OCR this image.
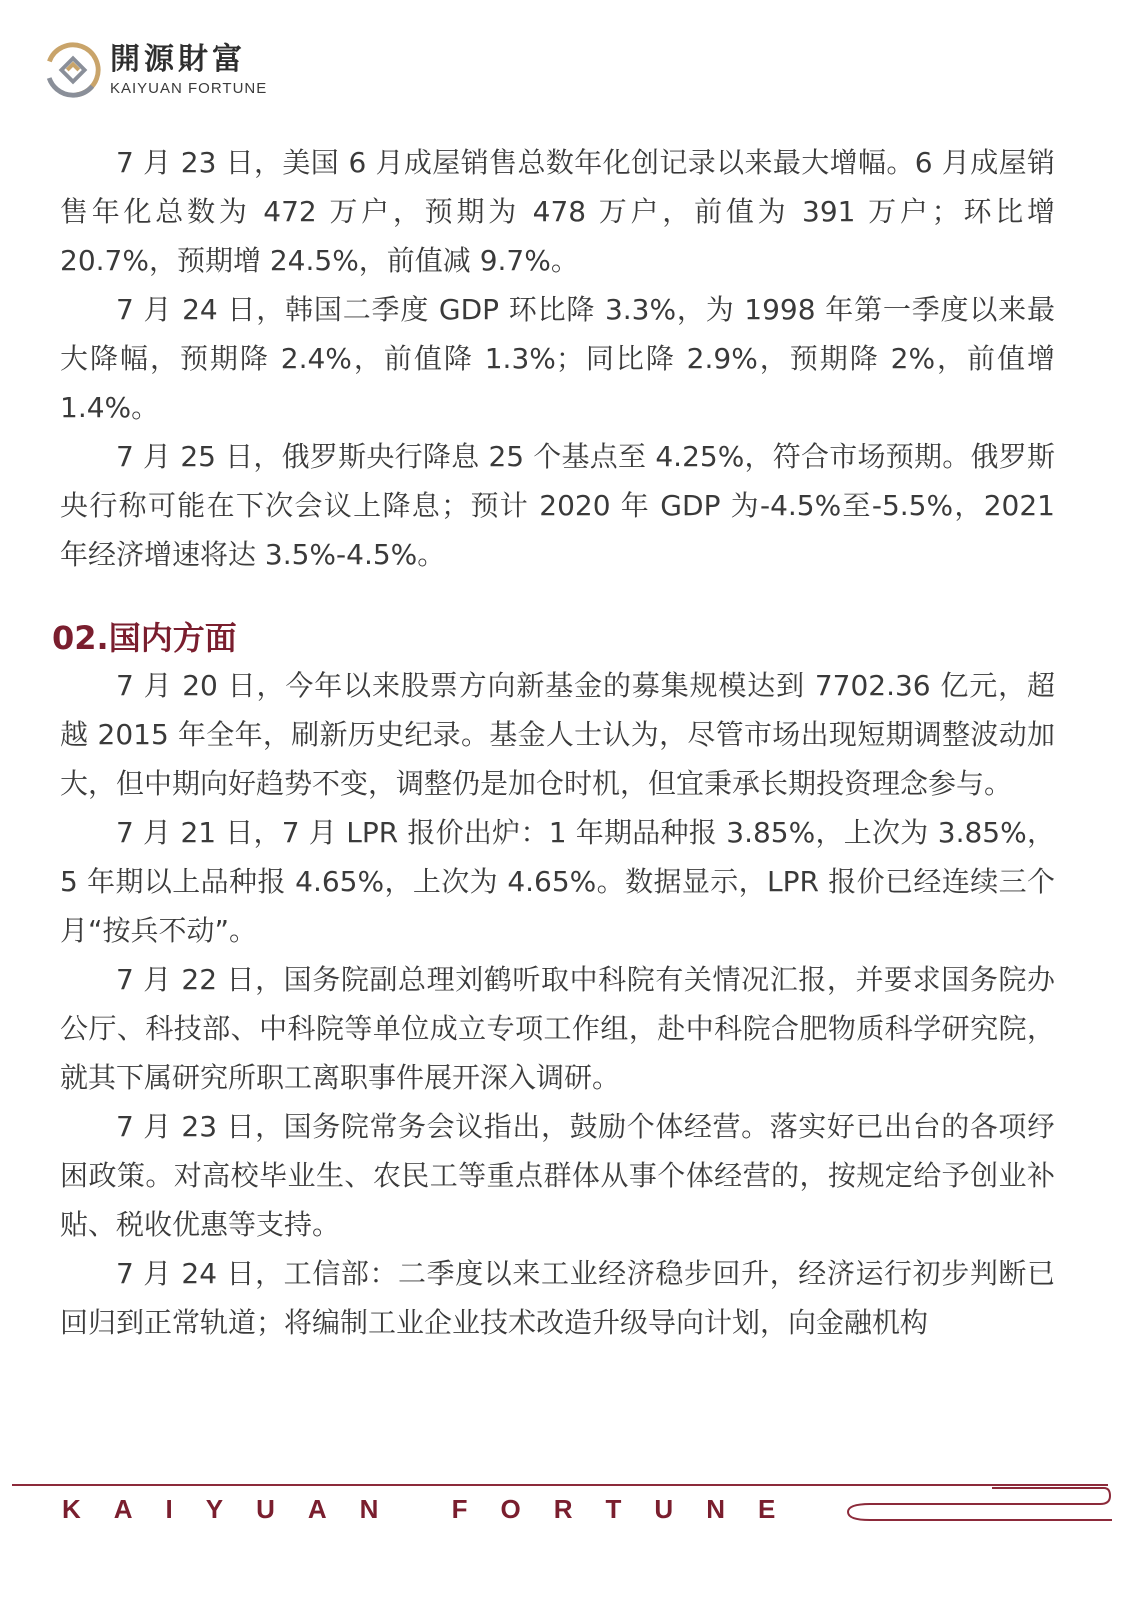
開源財富
KAIYUAN FORTUNE

7 月 23 日，美国 6 月成屋销售总数年化创记录以来最大增幅。6 月成屋销售年化总数为 472 万户，预期为 478 万户，前值为 391 万户；环比增 20.7%，预期增 24.5%，前值减 9.7%。

7 月 24 日，韩国二季度 GDP 环比降 3.3%，为 1998 年第一季度以来最大降幅，预期降 2.4%，前值降 1.3%；同比降 2.9%，预期降 2%，前值增 1.4%。

7 月 25 日，俄罗斯央行降息 25 个基点至 4.25%，符合市场预期。俄罗斯央行称可能在下次会议上降息；预计 2020 年 GDP 为-4.5%至-5.5%，2021 年经济增速将达 3.5%-4.5%。

02.国内方面

7 月 20 日，今年以来股票方向新基金的募集规模达到 7702.36 亿元，超越 2015 年全年，刷新历史纪录。基金人士认为，尽管市场出现短期调整波动加大，但中期向好趋势不变，调整仍是加仓时机，但宜秉承长期投资理念参与。

7 月 21 日，7 月 LPR 报价出炉：1 年期品种报 3.85%，上次为 3.85%，5 年期以上品种报 4.65%，上次为 4.65%。数据显示，LPR 报价已经连续三个月“按兵不动”。

7 月 22 日，国务院副总理刘鹤听取中科院有关情况汇报，并要求国务院办公厅、科技部、中科院等单位成立专项工作组，赴中科院合肥物质科学研究院，就其下属研究所职工离职事件展开深入调研。

7 月 23 日，国务院常务会议指出，鼓励个体经营。落实好已出台的各项纾困政策。对高校毕业生、农民工等重点群体从事个体经营的，按规定给予创业补贴、税收优惠等支持。

7 月 24 日，工信部：二季度以来工业经济稳步回升，经济运行初步判断已回归到正常轨道；将编制工业企业技术改造升级导向计划，向金融机构

KAIYUAN FORTUNE
